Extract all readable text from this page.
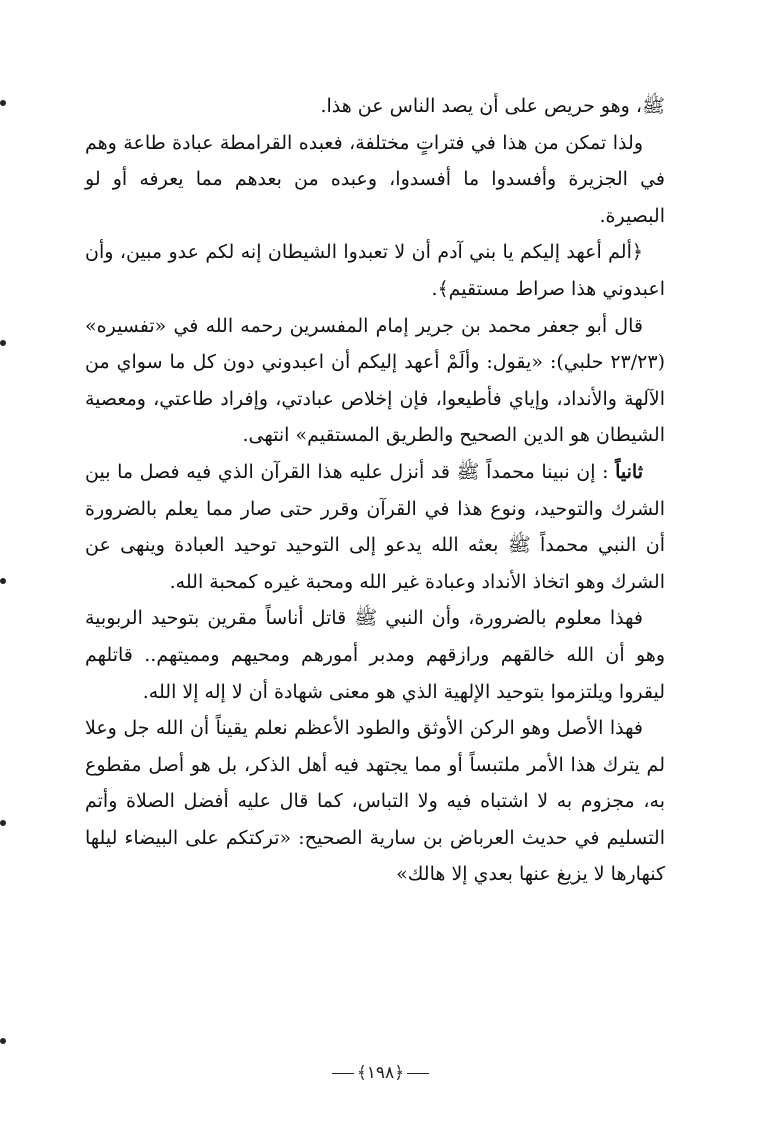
ﷺ، وهو حريص على أن يصد الناس عن هذا.

ولذا تمكن من هذا في فتراتٍ مختلفة، فعبده القرامطة عبادة طاعة وهم في الجزيرة وأفسدوا ما أفسدوا، وعبده من بعدهم مما يعرفه أو لو البصيرة.

﴿ألم أعهد إليكم يا بني آدم أن لا تعبدوا الشيطان إنه لكم عدو مبين، وأن اعبدوني هذا صراط مستقيم﴾.

قال أبو جعفر محمد بن جرير إمام المفسرين رحمه الله في «تفسيره» (٢٣/٢٣ حلبي): «يقول: وألَمْ أعهد إليكم أن اعبدوني دون كل ما سواي من الآلهة والأنداد، وإياي فأطيعوا، فإن إخلاص عبادتي، وإفراد طاعتي، ومعصية الشيطان هو الدين الصحيح والطريق المستقيم» انتهى.

ثانياً : إن نبينا محمداً ﷺ قد أنزل عليه هذا القرآن الذي فيه فصل ما بين الشرك والتوحيد، ونوع هذا في القرآن وقرر حتى صار مما يعلم بالضرورة أن النبي محمداً ﷺ بعثه الله يدعو إلى التوحيد توحيد العبادة وينهى عن الشرك وهو اتخاذ الأنداد وعبادة غير الله ومحبة غيره كمحبة الله.

فهذا معلوم بالضرورة، وأن النبي ﷺ قاتل أناساً مقرين بتوحيد الربوبية وهو أن الله خالقهم ورازقهم ومدبر أمورهم ومحيهم ومميتهم.. قاتلهم ليقروا ويلتزموا بتوحيد الإلهية الذي هو معنى شهادة أن لا إله إلا الله.

فهذا الأصل وهو الركن الأوثق والطود الأعظم نعلم يقيناً أن الله جل وعلا لم يترك هذا الأمر ملتبساً أو مما يجتهد فيه أهل الذكر، بل هو أصل مقطوع به، مجزوم به لا اشتباه فيه ولا التباس، كما قال عليه أفضل الصلاة وأتم التسليم في حديث العرباض بن سارية الصحيح: «تركتكم على البيضاء ليلها كنهارها لا يزيغ عنها بعدي إلا هالك»

﴿١٩٨﴾
